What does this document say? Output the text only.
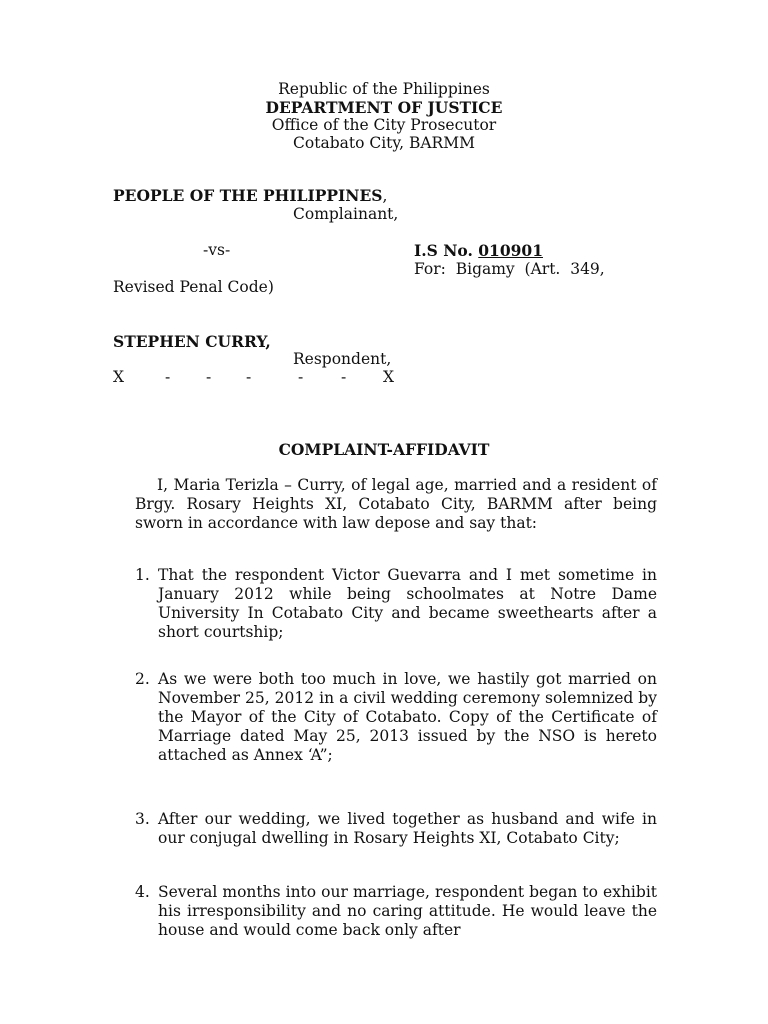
Republic of the Philippines
DEPARTMENT OF JUSTICE
Office of the City Prosecutor
Cotabato City, BARMM
PEOPLE OF THE PHILIPPINES,
Complainant,
-vs-	I.S No. 010901
For:  Bigamy  (Art.  349,
Revised Penal Code)
STEPHEN CURRY,
Respondent,
X	- - -	- - X
COMPLAINT-AFFIDAVIT
I, Maria Terizla – Curry, of legal age, married and a resident of Brgy. Rosary Heights XI, Cotabato City, BARMM after being sworn in accordance with law depose and say that:
1. That the respondent Victor Guevarra and I met sometime in January 2012 while being schoolmates at Notre Dame University In Cotabato City and became sweethearts after a short courtship;
2. As we were both too much in love, we hastily got married on November 25, 2012 in a civil wedding ceremony solemnized by the Mayor of the City of Cotabato. Copy of the Certificate of Marriage dated May 25, 2013 issued by the NSO is hereto attached as Annex ‘A”;
3. After our wedding, we lived together as husband and wife in our conjugal dwelling in Rosary Heights XI, Cotabato City;
4. Several months into our marriage, respondent began to exhibit his irresponsibility and no caring attitude. He would leave the house and would come back only after
